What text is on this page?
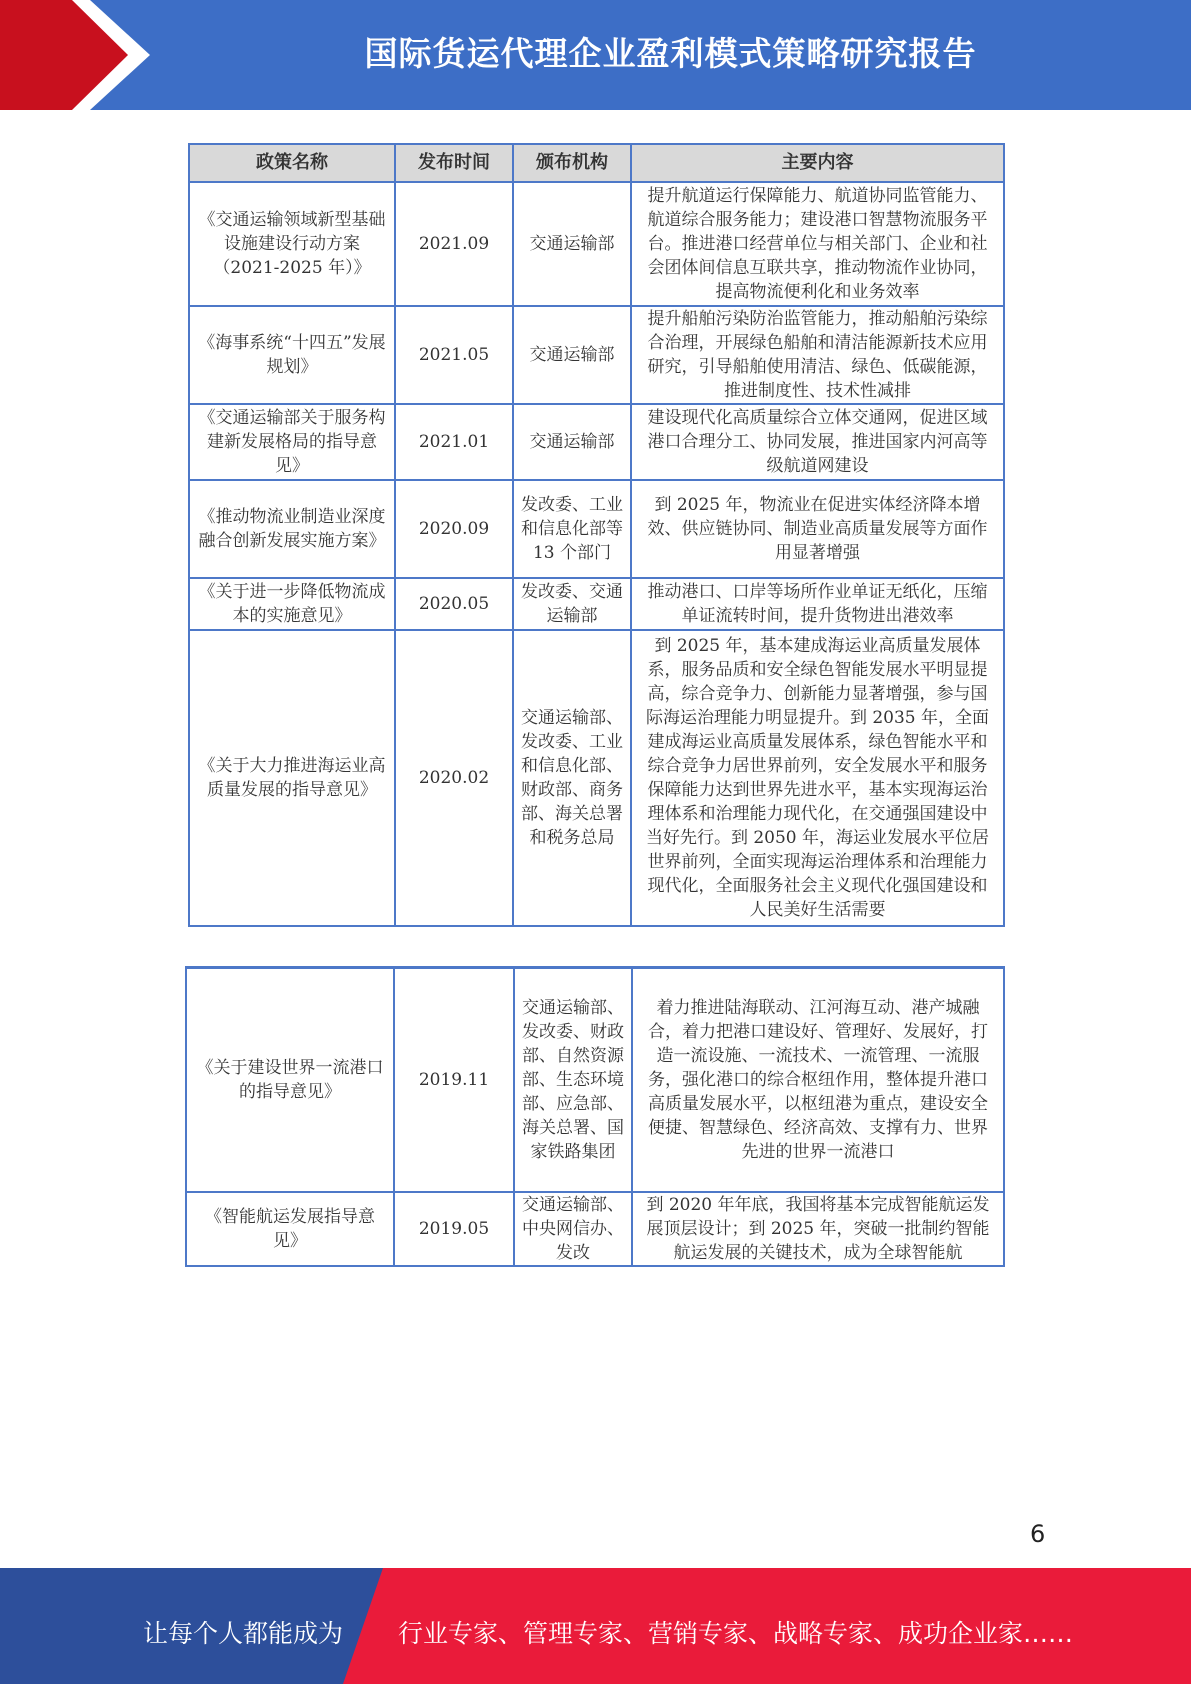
国际货运代理企业盈利模式策略研究报告
政策名称	发布时间	颁布机构	主要内容
《交通运输领域新型基础设施建设行动方案（2021-2025 年）》	2021.09	交通运输部	提升航道运行保障能力、航道协同监管能力、航道综合服务能力；建设港口智慧物流服务平台。推进港口经营单位与相关部门、企业和社会团体间信息互联共享，推动物流作业协同，提高物流便利化和业务效率
《海事系统“十四五”发展规划》	2021.05	交通运输部	提升船舶污染防治监管能力，推动船舶污染综合治理，开展绿色船舶和清洁能源新技术应用研究，引导船舶使用清洁、绿色、低碳能源，推进制度性、技术性减排
《交通运输部关于服务构建新发展格局的指导意见》	2021.01	交通运输部	建设现代化高质量综合立体交通网，促进区域港口合理分工、协同发展，推进国家内河高等级航道网建设
《推动物流业制造业深度融合创新发展实施方案》	2020.09	发改委、工业和信息化部等 13 个部门	到 2025 年，物流业在促进实体经济降本增效、供应链协同、制造业高质量发展等方面作用显著增强
《关于进一步降低物流成本的实施意见》	2020.05	发改委、交通运输部	推动港口、口岸等场所作业单证无纸化，压缩单证流转时间，提升货物进出港效率
《关于大力推进海运业高质量发展的指导意见》	2020.02	交通运输部、发改委、工业和信息化部、财政部、商务部、海关总署和税务总局	到 2025 年，基本建成海运业高质量发展体系，服务品质和安全绿色智能发展水平明显提高，综合竞争力、创新能力显著增强，参与国际海运治理能力明显提升。到 2035 年，全面建成海运业高质量发展体系，绿色智能水平和综合竞争力居世界前列，安全发展水平和服务保障能力达到世界先进水平，基本实现海运治理体系和治理能力现代化，在交通强国建设中当好先行。到 2050 年，海运业发展水平位居世界前列，全面实现海运治理体系和治理能力现代化，全面服务社会主义现代化强国建设和人民美好生活需要
《关于建设世界一流港口的指导意见》	2019.11	交通运输部、发改委、财政部、自然资源部、生态环境部、应急部、海关总署、国家铁路集团	着力推进陆海联动、江河海互动、港产城融合，着力把港口建设好、管理好、发展好，打造一流设施、一流技术、一流管理、一流服务，强化港口的综合枢纽作用，整体提升港口高质量发展水平，以枢纽港为重点，建设安全便捷、智慧绿色、经济高效、支撑有力、世界先进的世界一流港口
《智能航运发展指导意见》	2019.05	交通运输部、中央网信办、发改	到 2020 年年底，我国将基本完成智能航运发展顶层设计；到 2025 年，突破一批制约智能航运发展的关键技术，成为全球智能航
6
让每个人都能成为 行业专家、管理专家、营销专家、战略专家、成功企业家……
